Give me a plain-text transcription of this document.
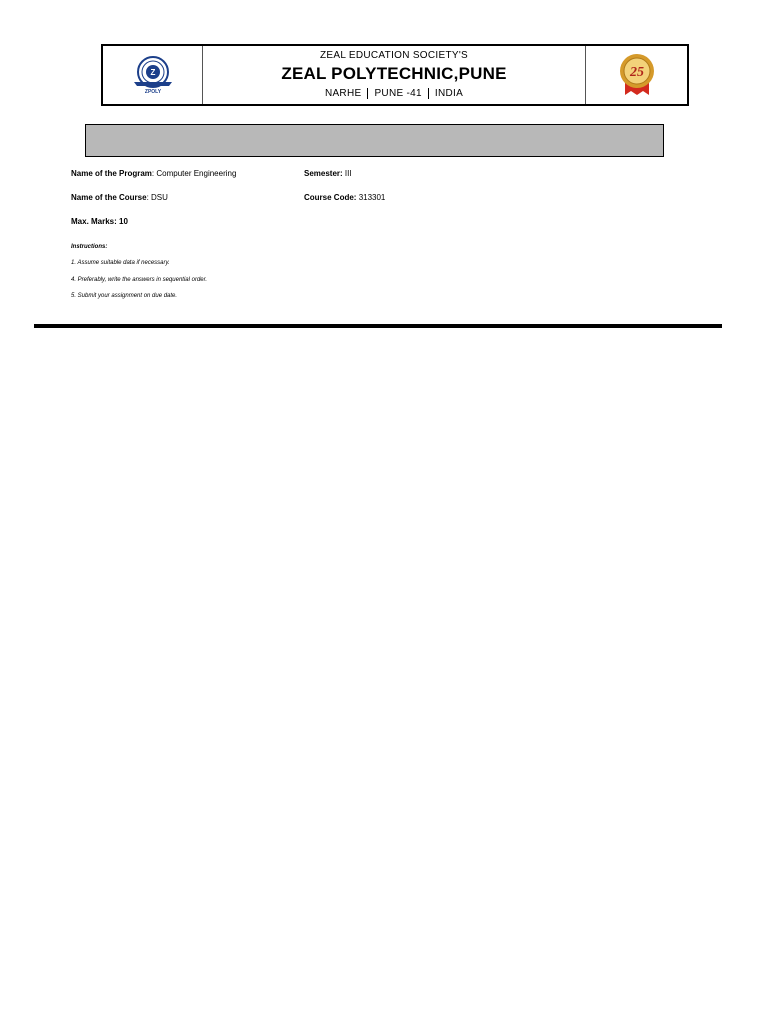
Z
ZPOLY
ZEAL EDUCATION SOCIETY'S
ZEAL POLYTECHNIC,PUNE
NARHE PUNE -41 INDIA
25
Name of the Program: Computer Engineering	Semester: III
Name of the Course: DSU	Course Code: 313301
Max. Marks: 10
Instructions:
1. Assume suitable data if necessary.
4. Preferably, write the answers in sequential order.
5. Submit your assignment on due date.
